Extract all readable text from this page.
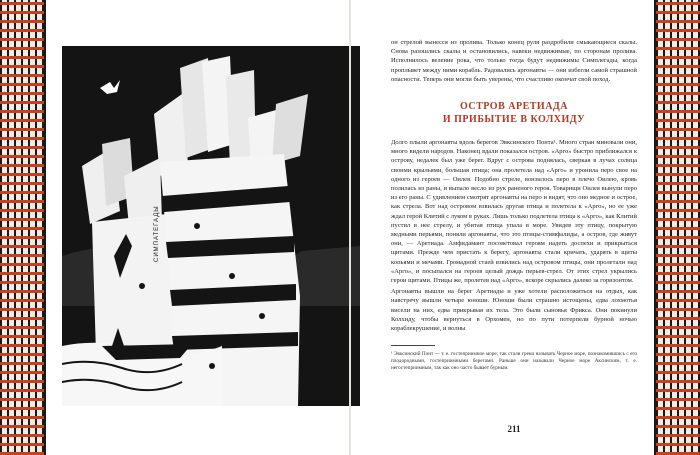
СИМПАТЕГАДЫ

он стрелой вынесся из пролива. Только конец руля раздробили смыкающиеся скалы. Снова разошлись скалы и остановились, навеки недвижимые, по сторонам пролива. Исполнилось веление рока, что только тогда будут недвижимы Симплегады, когда проплывет между ними корабль. Радовались аргонавты — они избегли самой страшной опасности. Теперь они могли быть уверены, что счастливо окончат свой поход.

ОСТРОВ АРЕТИАДА
И ПРИБЫТИЕ В КОЛХИДУ

Долго плыли аргонавты вдоль берегов Эвксинского Понта¹. Много стран миновали они, много видели народов. Наконец вдали показался остров. «Арго» быстро приближался к острову, недалек был уже берег. Вдруг с острова поднялась, сверкая в лучах солнца своими крыльями, большая птица; она пролетела над «Арго» и уронила перо свое на одного из героев — Оилея. Подобно стреле, вонзилось перо в плечо Оилею, кровь полилась из раны, и выпало весло из рук раненого героя. Товарищи Оилея вынули перо из его раны. С удивлением смотрят аргонавты на перо и видят, что оно медное и острое, как стрела. Вот над островом взвилась другая птица и полетела к «Арго», но ее уже ждал герой Клитий с луком в руках. Лишь только подлетела птица к «Арго», как Клитий пустил в нее стрелу, и убитая птица упала в море. Увидев эту птицу, покрытую медными перьями, поняли аргонавты, что это птицы-стимфалиды, а остров, где живут они, — Аретиада. Амфидамант посоветовал героям надеть доспехи и прикрыться щитами. Прежде чем пристать к берегу, аргонавты стали кричать, ударять в щиты копьями и мечами. Громадной стаей взвились над островом птицы, они пролетали над «Арго», и посыпался на героев целый дождь перьев-стрел. От этих стрел укрылись герои щитами. Птицы же, пролетев над «Арго», вскоре скрылись далеко за горизонтом.

Аргонавты вышли на берег Аретиады и уже хотели расположиться на отдых, как навстречу вышли четыре юноши. Юноши были страшно истощены, едва лохмотья висели на них, едва прикрывая их тела. Это были сыновья Фрикса. Они покинули Колхиду, чтобы вернуться в Орхомен, но по пути потерпели бурной ночью кораблекрушение, и волны

¹ Эвксинский Понт — т. е. гостеприимное море; так стали греки называть Черное море, познакомившись с его плодородными, гостеприимными берегами. Раньше они называли Черное море Аксинским, т. е. негостеприимным, так как оно часто бывает бурным.

211
